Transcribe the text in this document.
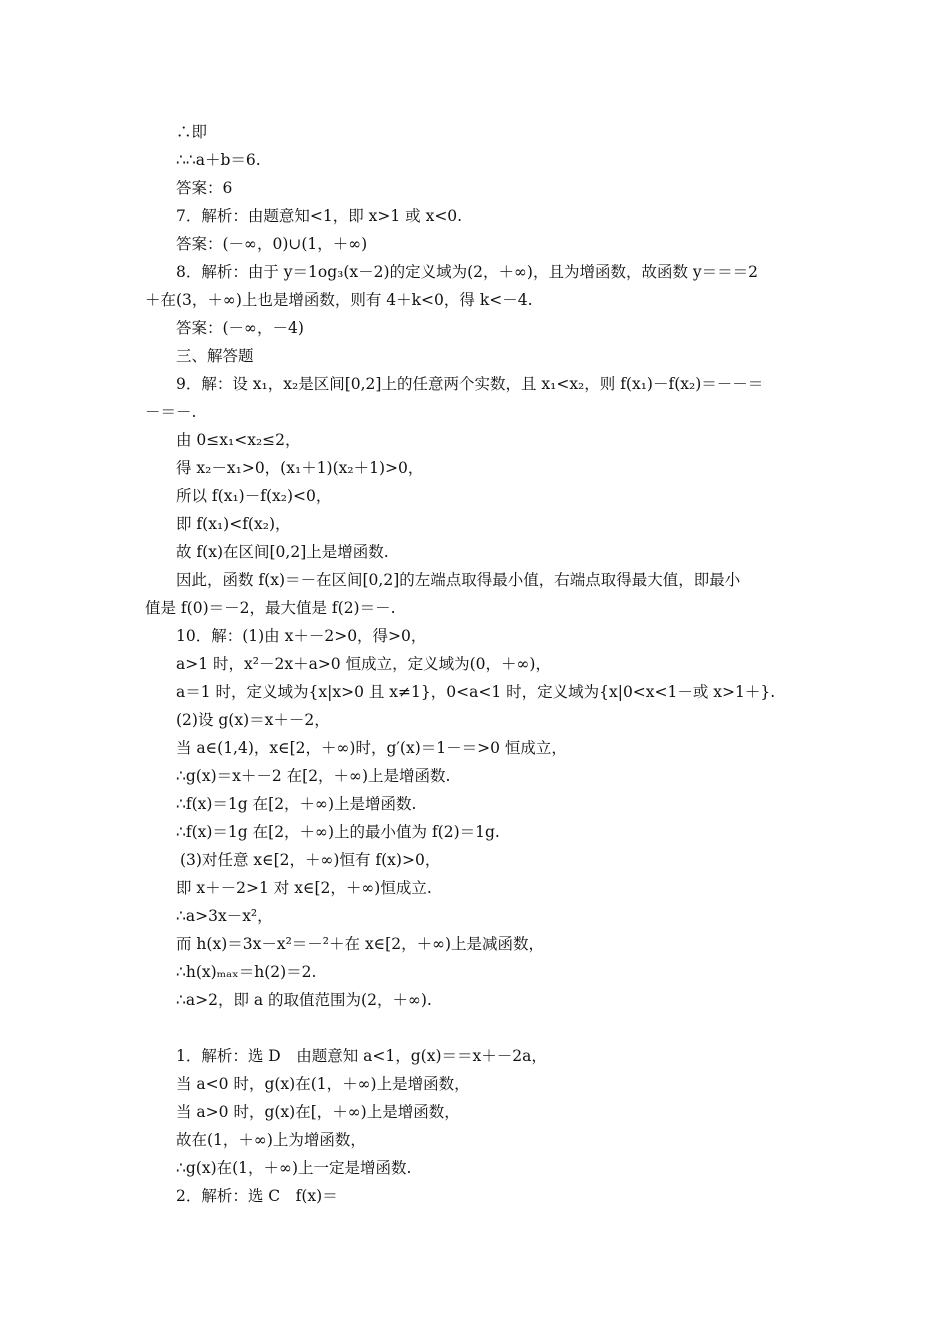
∴即
∴∴a＋b＝6.
答案：6
7．解析：由题意知<1，即 x>1 或 x<0.
答案：(－∞，0)∪(1，＋∞)
8．解析：由于 y＝1og₃(x－2)的定义域为(2，＋∞)，且为增函数，故函数 y＝＝＝2
＋在(3，＋∞)上也是增函数，则有 4＋k<0，得 k<－4.
答案：(－∞，－4)
三、解答题
9．解：设 x₁，x₂是区间[0,2]上的任意两个实数，且 x₁<x₂，则 f(x₁)－f(x₂)＝－－＝
－＝－.
由 0≤x₁<x₂≤2，
得 x₂－x₁>0，(x₁＋1)(x₂＋1)>0，
所以 f(x₁)－f(x₂)<0，
即 f(x₁)<f(x₂)，
故 f(x)在区间[0,2]上是增函数.
因此，函数 f(x)＝－在区间[0,2]的左端点取得最小值，右端点取得最大值，即最小
值是 f(0)＝－2，最大值是 f(2)＝－.
10．解：(1)由 x＋－2>0，得>0，
a>1 时，x²－2x＋a>0 恒成立，定义域为(0，＋∞)，
a＝1 时，定义域为{x|x>0 且 x≠1}，0<a<1 时，定义域为{x|0<x<1－或 x>1＋}.
(2)设 g(x)＝x＋－2，
当 a∈(1,4)，x∈[2，＋∞)时，g′(x)＝1－＝>0 恒成立，
∴g(x)＝x＋－2 在[2，＋∞)上是增函数.
∴f(x)＝1g 在[2，＋∞)上是增函数.
∴f(x)＝1g 在[2，＋∞)上的最小值为 f(2)＝1g.
(3)对任意 x∈[2，＋∞)恒有 f(x)>0，
即 x＋－2>1 对 x∈[2，＋∞)恒成立.
∴a>3x－x²，
而 h(x)＝3x－x²＝－²＋在 x∈[2，＋∞)上是减函数，
∴h(x)ₘₐₓ＝h(2)＝2.
∴a>2，即 a 的取值范围为(2，＋∞).
1．解析：选 D　由题意知 a<1，g(x)＝＝x＋－2a，
当 a<0 时，g(x)在(1，＋∞)上是增函数，
当 a>0 时，g(x)在[，＋∞)上是增函数，
故在(1，＋∞)上为增函数，
∴g(x)在(1，＋∞)上一定是增函数.
2．解析：选 C　f(x)＝
